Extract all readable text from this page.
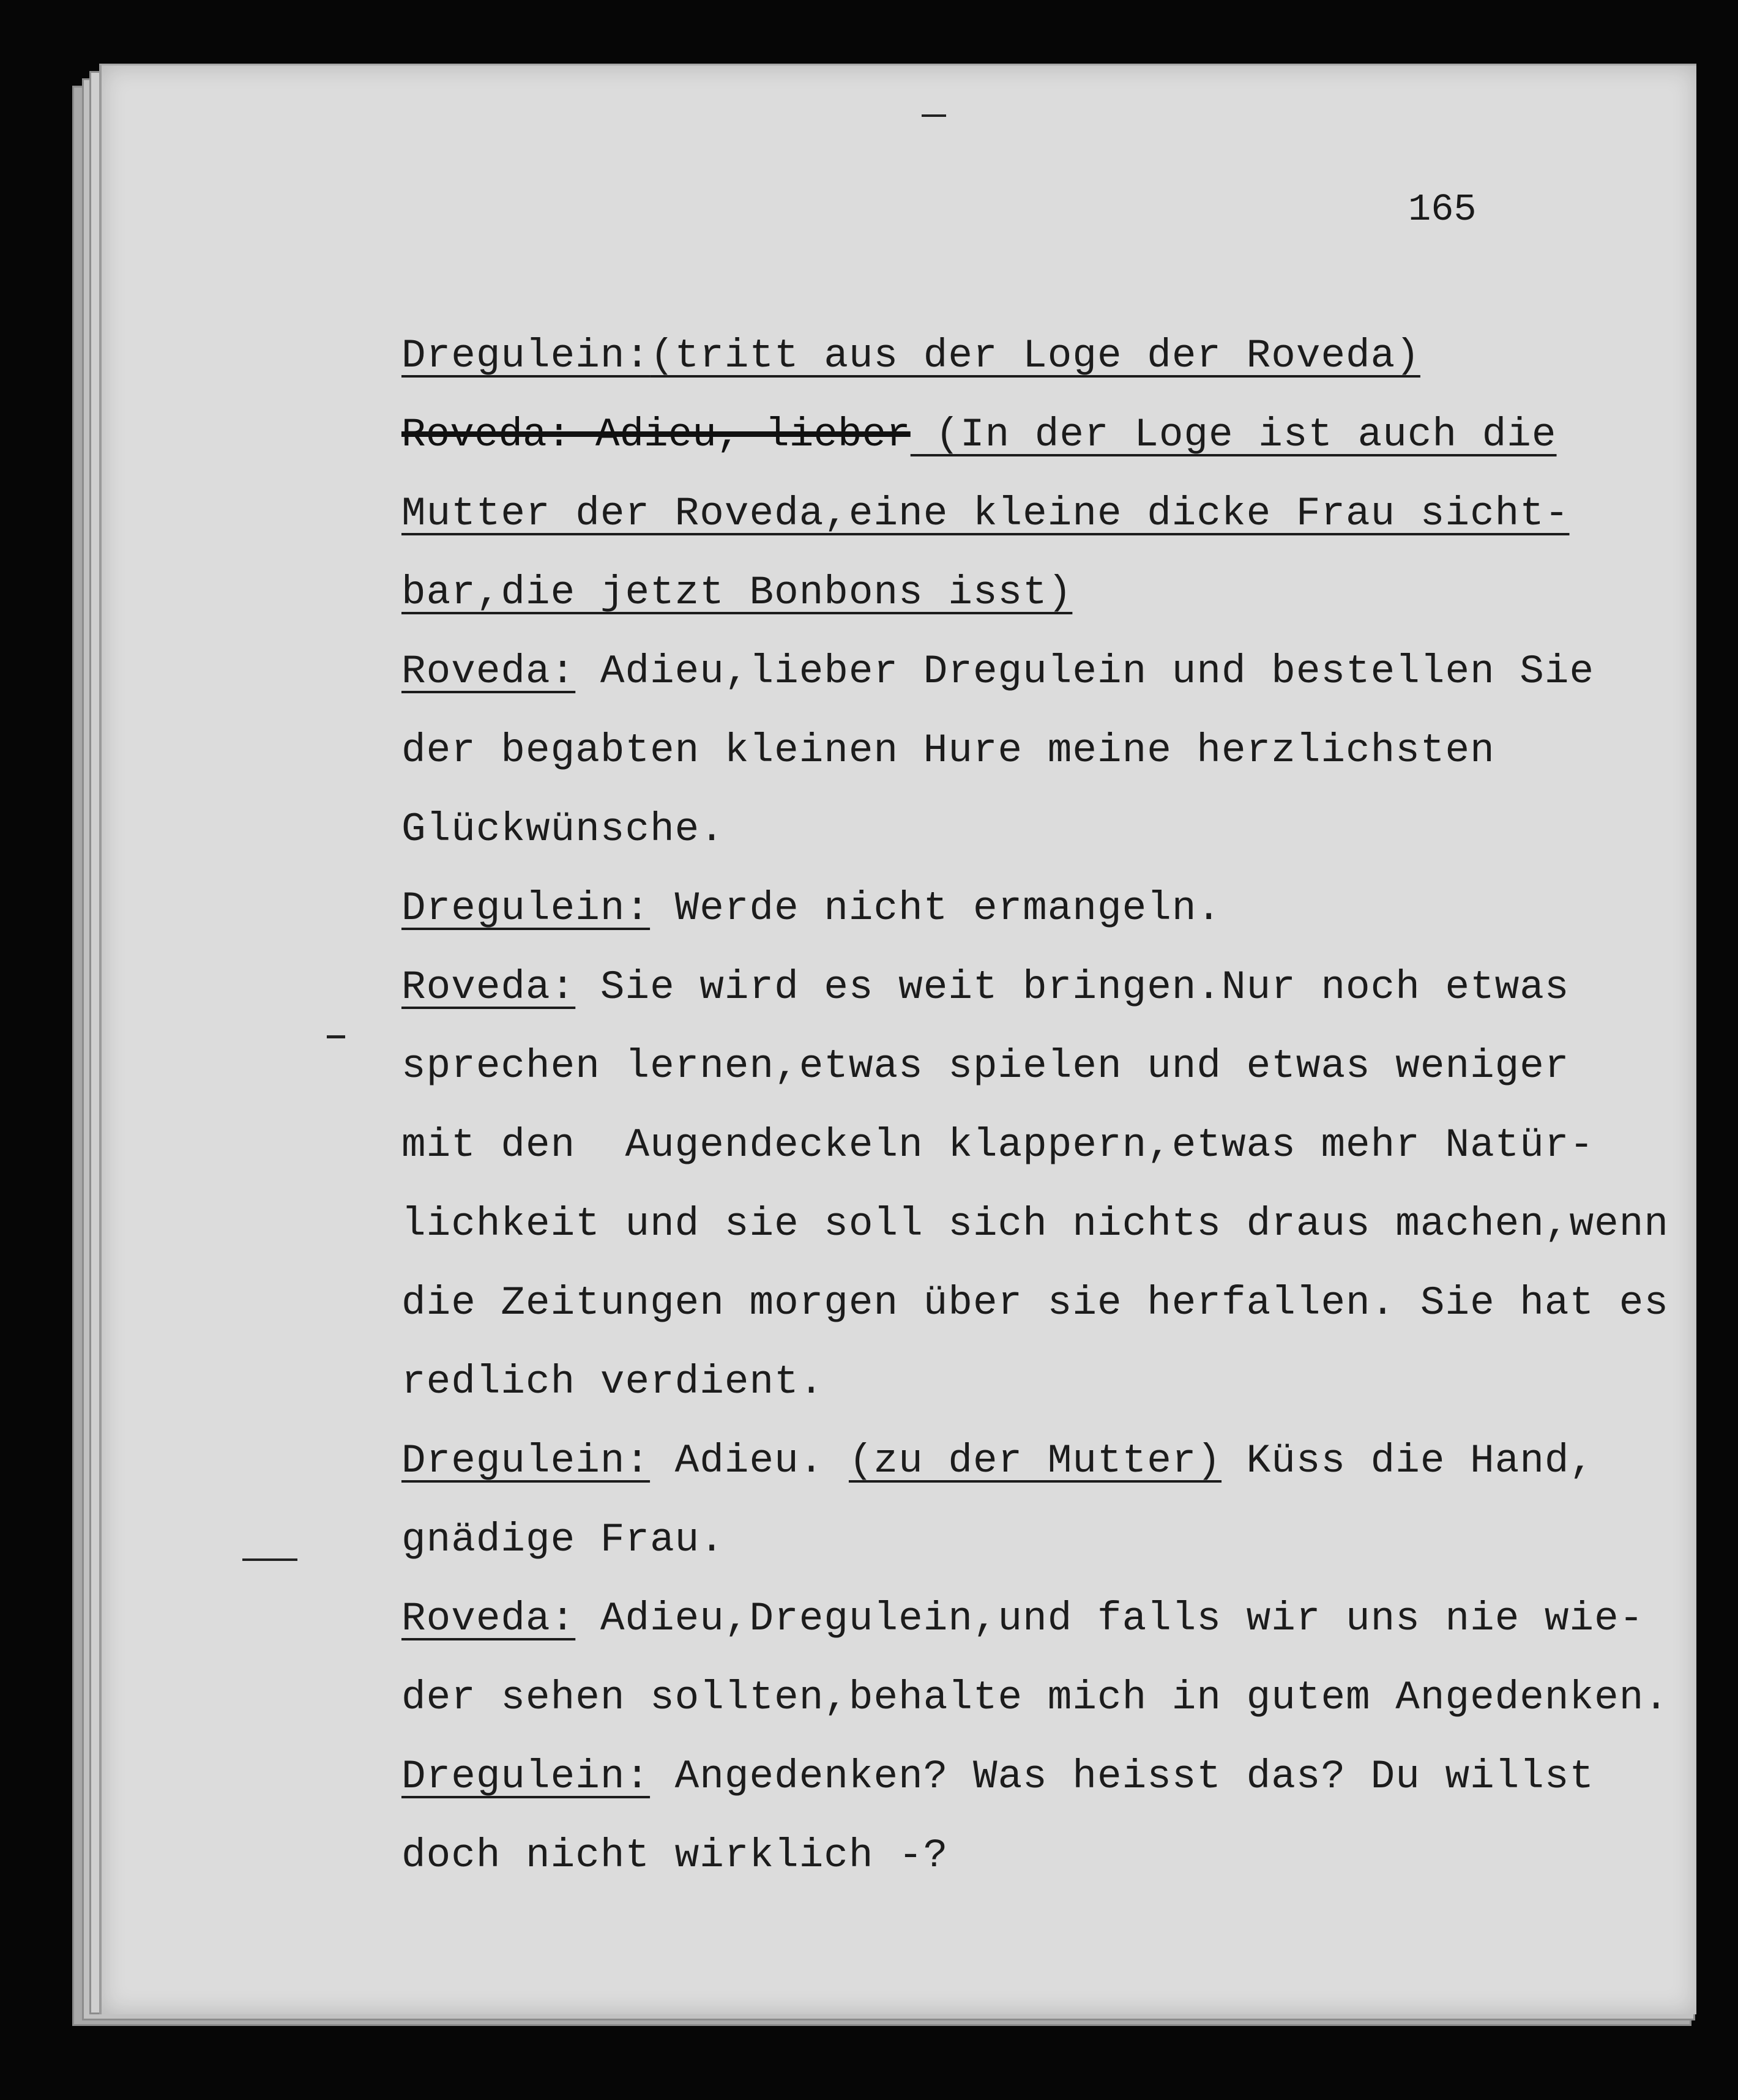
165
Dregulein:(tritt aus der Loge der Roveda)
Roveda: Adieu, lieber (In der Loge ist auch die
Mutter der Roveda,eine kleine dicke Frau sicht-
bar,die jetzt Bonbons isst)
Roveda: Adieu,lieber Dregulein und bestellen Sie
der begabten kleinen Hure meine herzlichsten
Glückwünsche.
Dregulein: Werde nicht ermangeln.
Roveda: Sie wird es weit bringen.Nur noch etwas
sprechen lernen,etwas spielen und etwas weniger
mit den  Augendeckeln klappern,etwas mehr Natür-
lichkeit und sie soll sich nichts draus machen,wenn
die Zeitungen morgen über sie herfallen. Sie hat es
redlich verdient.
Dregulein: Adieu. (zu der Mutter) Küss die Hand,
gnädige Frau.
Roveda: Adieu,Dregulein,und falls wir uns nie wie-
der sehen sollten,behalte mich in gutem Angedenken.
Dregulein: Angedenken? Was heisst das? Du willst
doch nicht wirklich -?
